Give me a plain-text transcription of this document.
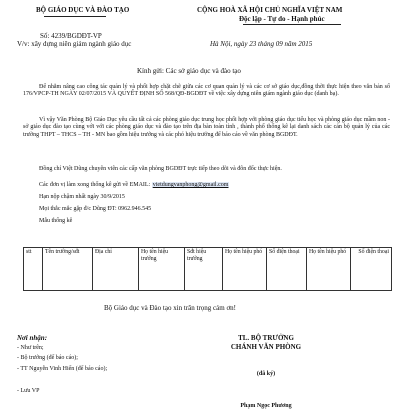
BỘ GIÁO DỤC VÀ ĐÀO TẠO
Số: 4239/BGDĐT-VP
V/v: xây dựng niên giám ngành giáo dục
CỘNG HOÀ XÃ HỘI CHỦ NGHĨA VIỆT NAM
Độc lập - Tự do - Hạnh phúc
Hà Nội, ngày 23 tháng 09 năm 2015
Kính gửi: Các sở giáo dục và đào tạo
Để nhằm nâng cao công tác quản lý và phối hợp chặt chẽ giữa các cơ quan quản lý và các cơ sở giáo dục,đồng thời thực hiện theo văn bản số 176/VPCP-TH NGÀY 02/07/2015 VÀ QUYẾT ĐỊNH SỐ 568/QĐ-BGDĐT về việc xây dựng niên giám ngành giáo dục (danh bạ).
Vì vậy Văn Phòng Bộ Giáo Dục yêu cầu tất cả các phòng giáo dục trung học phối hợp với phòng giáo dục tiểu học và phòng giáo dục mầm non - sở giáo dục đào tạo cùng với với các phòng giáo dục và đào tạo trên địa bàn toàn tỉnh , thành phố thống kê lại danh sách các cán bộ quản lý của các trường THPT – THCS – TH - MN bao gồm hiệu trưởng và các phó hiệu trưởng để báo cáo về văn phòng BGDĐT.
Đồng chí Việt Dũng chuyên viên các cấp văn phòng BGDĐT trực tiếp theo dõi và đôn đốc thực hiện.
Các đơn vị làm xong thống kê gửi về EMAIL: vietdungvanphong@gmail.com
Hạn nộp chậm nhất ngày 30/9/2015
Mọi thắc mắc gặp đ/c Dũng ĐT: 0962.946.545
Mẫu thống kê
stt	Tên trường/sđt	Địa chỉ	Họ tên hiệu trưởng	Sđt hiệu trưởng	Họ tên hiệu phó	Số điện thoại	Họ tên hiệu phó	Số điện thoại
Bộ Giáo dục và Đào tạo xin trân trọng cảm ơn!
Nơi nhận:
- Như trên;
- Bộ trưởng (để báo cáo);
- TT Nguyễn Vinh Hiển (để báo cáo);
- Lưu VP
TL. BỘ TRƯỞNG
CHÁNH VĂN PHÒNG
(đã ký)
Phạm Ngọc Phương
